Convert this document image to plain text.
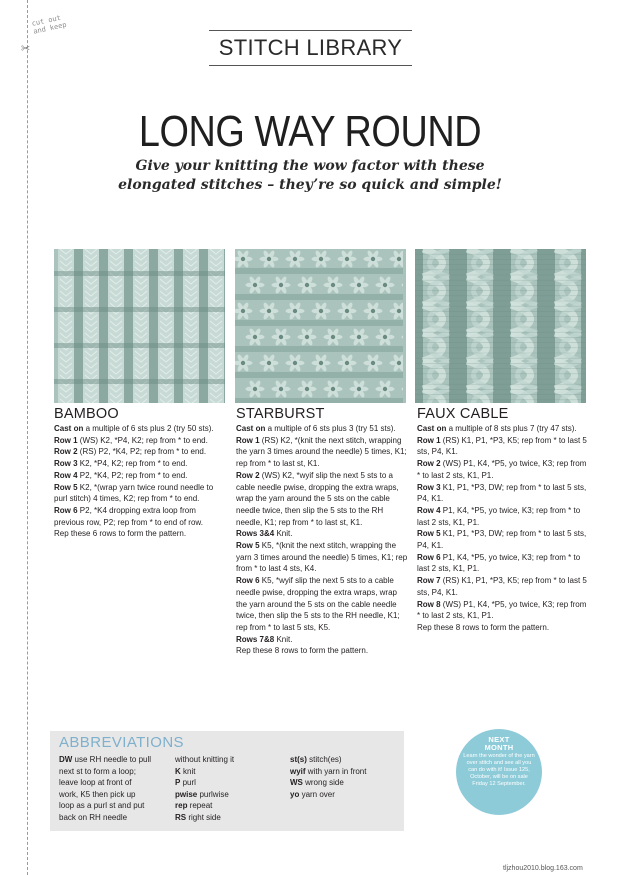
cut out and keep
✂	STITCH LIBRARY
LONG WAY ROUND
Give your knitting the wow factor with these
elongated stitches – they’re so quick and simple!
BAMBOO

Cast on a multiple of 6 sts plus 2 (try 50 sts).

Row 1 (WS) K2, *P4, K2; rep from * to end.

Row 2 (RS) P2, *K4, P2; rep from * to end.

Row 3 K2, *P4, K2; rep from * to end.

Row 4 P2, *K4, P2; rep from * to end.

Row 5 K2, *(wrap yarn twice round needle to purl stitch) 4 times, K2; rep from * to end.

Row 6 P2, *K4 dropping extra loop from previous row, P2; rep from * to end of row.

Rep these 6 rows to form the pattern.

STARBURST

Cast on a multiple of 6 sts plus 3 (try 51 sts).

Row 1 (RS) K2, *(knit the next stitch, wrapping the yarn 3 times around the needle) 5 times, K1; rep from * to last st, K1.

Row 2 (WS) K2, *wyif slip the next 5 sts to a cable needle pwise, dropping the extra wraps, wrap the yarn around the 5 sts on the cable needle twice, then slip the 5 sts to the RH needle, K1; rep from * to last st, K1.

Rows 3&4 Knit.

Row 5 K5, *(knit the next stitch, wrapping the yarn 3 times around the needle) 5 times, K1; rep from * to last 4 sts, K4.

Row 6 K5, *wyif slip the next 5 sts to a cable needle pwise, dropping the extra wraps, wrap the yarn around the 5 sts on the cable needle twice, then slip the 5 sts to the RH needle, K1; rep from * to last 5 sts, K5.

Rows 7&8 Knit.

Rep these 8 rows to form the pattern.

FAUX CABLE

Cast on a multiple of 8 sts plus 7 (try 47 sts).

Row 1 (RS) K1, P1, *P3, K5; rep from * to last 5 sts, P4, K1.

Row 2 (WS) P1, K4, *P5, yo twice, K3; rep from * to last 2 sts, K1, P1.

Row 3 K1, P1, *P3, DW; rep from * to last 5 sts, P4, K1.

Row 4 P1, K4, *P5, yo twice, K3; rep from * to last 2 sts, K1, P1.

Row 5 K1, P1, *P3, DW; rep from * to last 5 sts, P4, K1.

Row 6 P1, K4, *P5, yo twice, K3; rep from * to last 2 sts, K1, P1.

Row 7 (RS) K1, P1, *P3, K5; rep from * to last 5 sts, P4, K1.

Row 8 (WS) P1, K4, *P5, yo twice, K3; rep from * to last 2 sts, K1, P1.

Rep these 8 rows to form the pattern.

ABBREVIATIONS
DW use RH needle to pull
next st to form a loop;
leave loop at front of
work, K5 then pick up
loop as a purl st and put
back on RH needle
without knitting it
K knit
P purl
pwise purlwise
rep repeat
RS right side
st(s) stitch(es)
wyif with yarn in front
WS wrong side
yo yarn over
NEXT
MONTH
Learn the wonder of the yarn over stitch and see all you can do with it! Issue 125, October, will be on sale Friday 12 September.
tljzhou2010.blog.163.com
